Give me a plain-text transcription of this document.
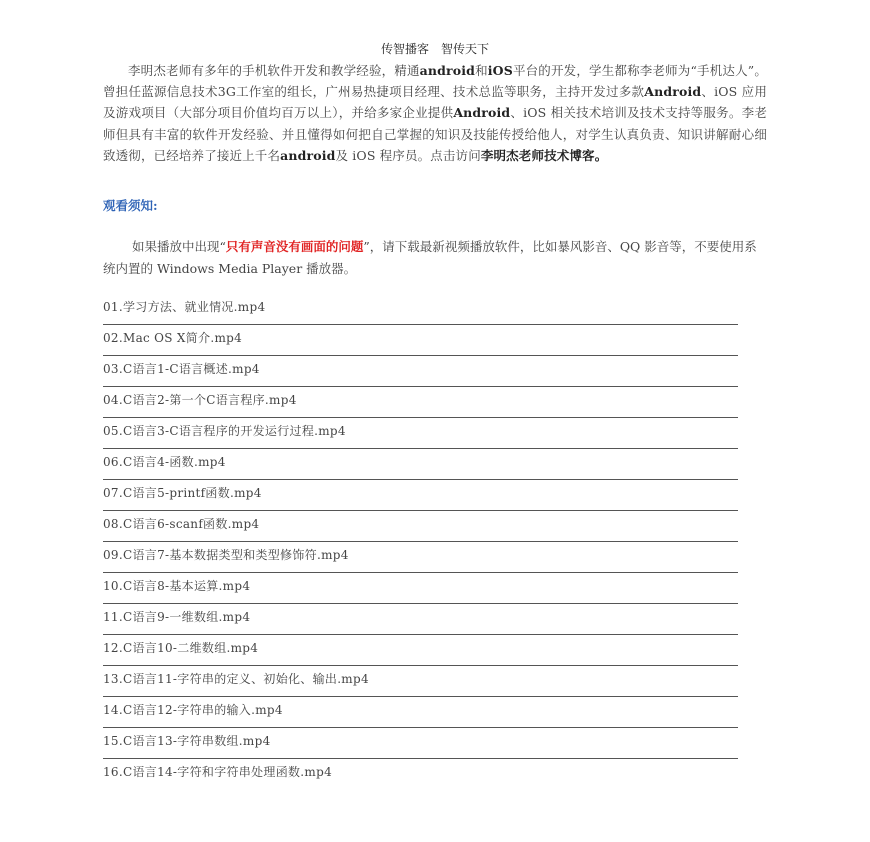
传智播客　智传天下
李明杰老师有多年的手机软件开发和教学经验，精通android和iOS平台的开发，学生都称李老师为“手机达人”。曾担任蓝源信息技术3G工作室的组长，广州易热捷项目经理、技术总监等职务，主持开发过多款Android、iOS 应用及游戏项目（大部分项目价值均百万以上），并给多家企业提供Android、iOS 相关技术培训及技术支持等服务。李老师但具有丰富的软件开发经验、并且懂得如何把自己掌握的知识及技能传授给他人，对学生认真负责、知识讲解耐心细致透彻，已经培养了接近上千名android及 iOS 程序员。点击访问李明杰老师技术博客。
观看须知:
如果播放中出现“只有声音没有画面的问题”，请下载最新视频播放软件，比如暴风影音、QQ 影音等，不要使用系统内置的 Windows Media Player 播放器。
01.学习方法、就业情况.mp4
02.Mac OS X简介.mp4
03.C语言1-C语言概述.mp4
04.C语言2-第一个C语言程序.mp4
05.C语言3-C语言程序的开发运行过程.mp4
06.C语言4-函数.mp4
07.C语言5-printf函数.mp4
08.C语言6-scanf函数.mp4
09.C语言7-基本数据类型和类型修饰符.mp4
10.C语言8-基本运算.mp4
11.C语言9-一维数组.mp4
12.C语言10-二维数组.mp4
13.C语言11-字符串的定义、初始化、输出.mp4
14.C语言12-字符串的输入.mp4
15.C语言13-字符串数组.mp4
16.C语言14-字符和字符串处理函数.mp4
